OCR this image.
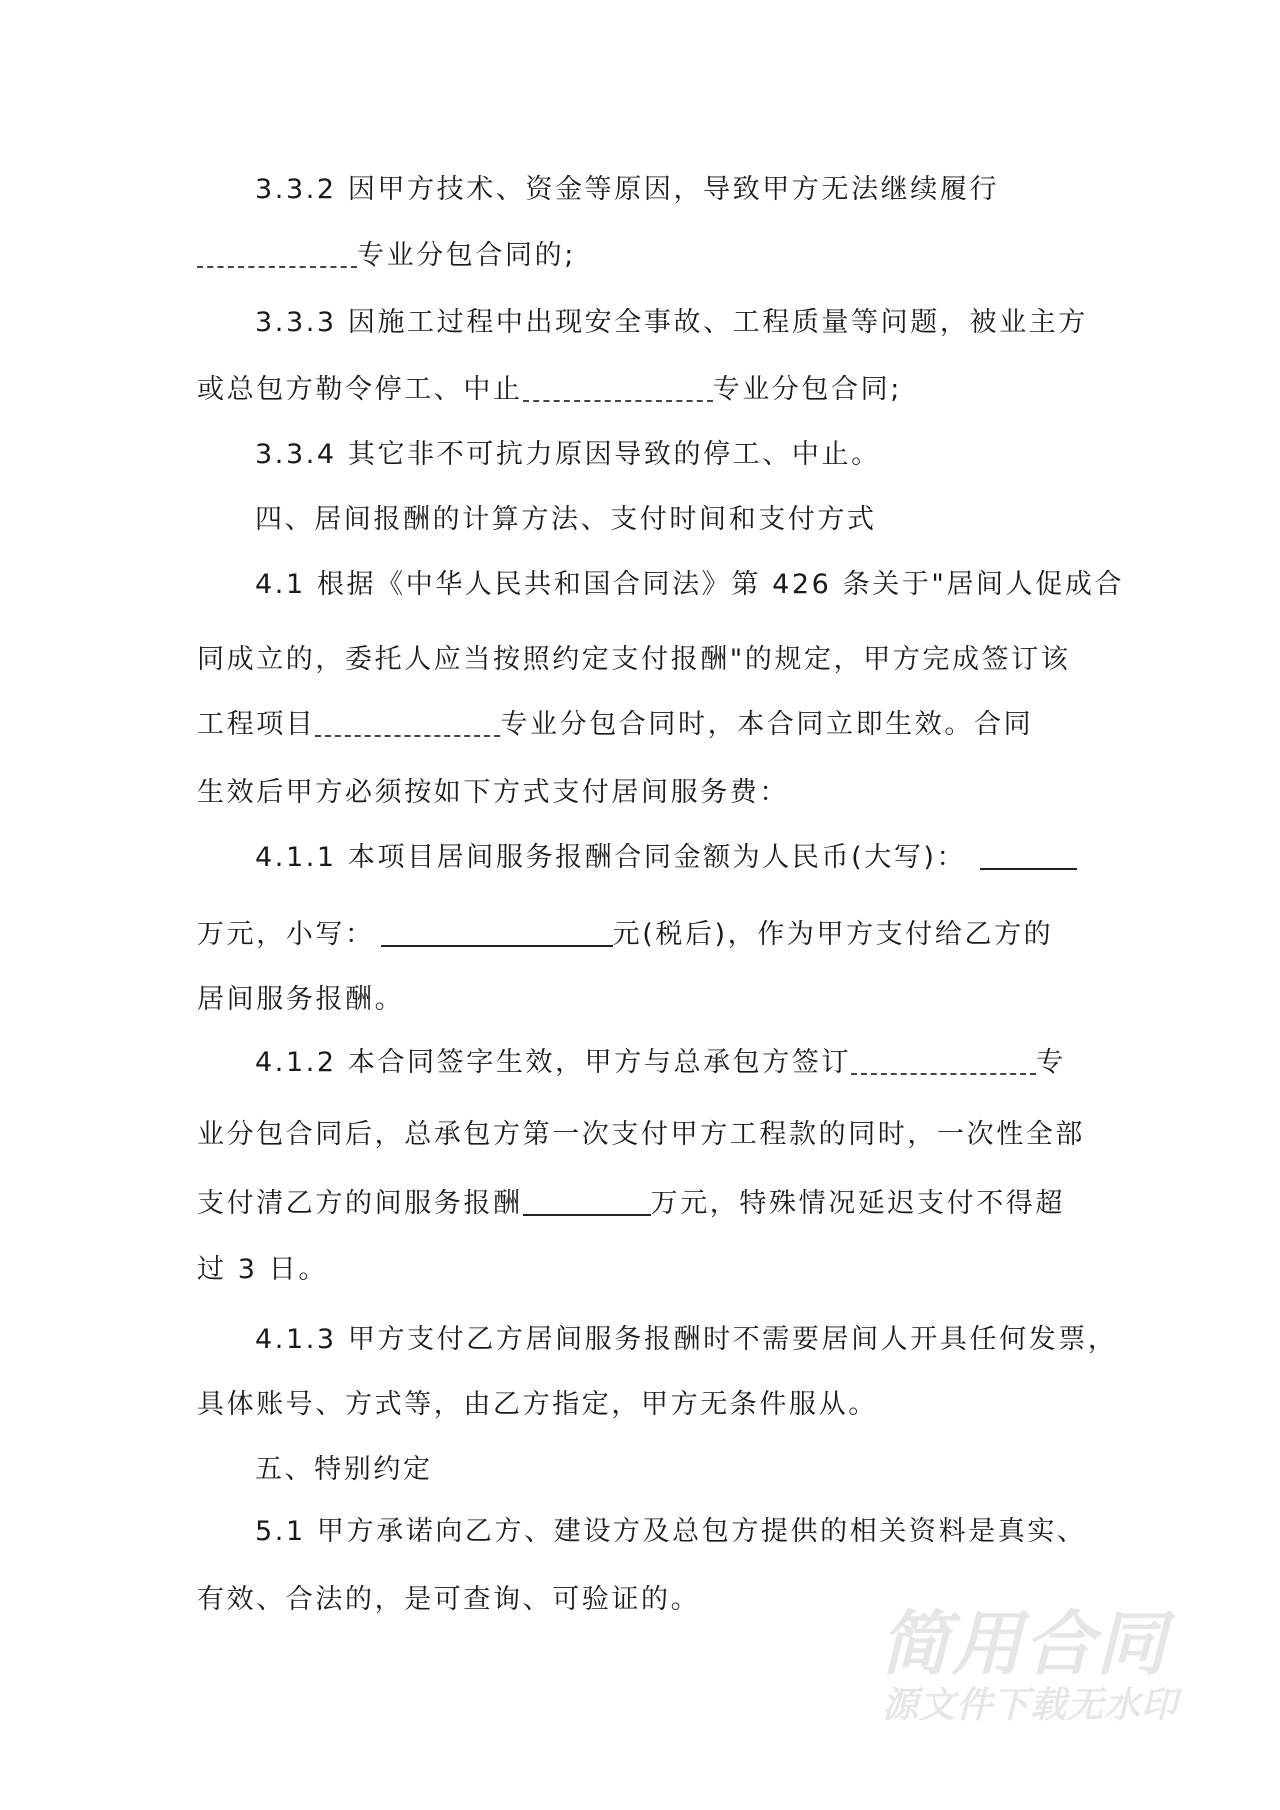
3.3.2 因甲方技术、资金等原因，导致甲方无法继续履行
专业分包合同的;
3.3.3 因施工过程中出现安全事故、工程质量等问题，被业主方
或总包方勒令停工、中止	专业分包合同;
3.3.4 其它非不可抗力原因导致的停工、中止。
四、居间报酬的计算方法、支付时间和支付方式
4.1 根据《中华人民共和国合同法》第 426 条关于"居间人促成合
同成立的，委托人应当按照约定支付报酬"的规定，甲方完成签订该
工程项目	专业分包合同时，本合同立即生效。合同
生效后甲方必须按如下方式支付居间服务费：
4.1.1 本项目居间服务报酬合同金额为人民币(大写)：
万元，小写：	元(税后)，作为甲方支付给乙方的
居间服务报酬。
4.1.2 本合同签字生效，甲方与总承包方签订	专
业分包合同后，总承包方第一次支付甲方工程款的同时，一次性全部
支付清乙方的间服务报酬	万元，特殊情况延迟支付不得超
过 3 日。
4.1.3 甲方支付乙方居间服务报酬时不需要居间人开具任何发票，
具体账号、方式等，由乙方指定，甲方无条件服从。
五、特别约定
5.1 甲方承诺向乙方、建设方及总包方提供的相关资料是真实、
有效、合法的，是可查询、可验证的。
简用合同
源文件下载无水印
